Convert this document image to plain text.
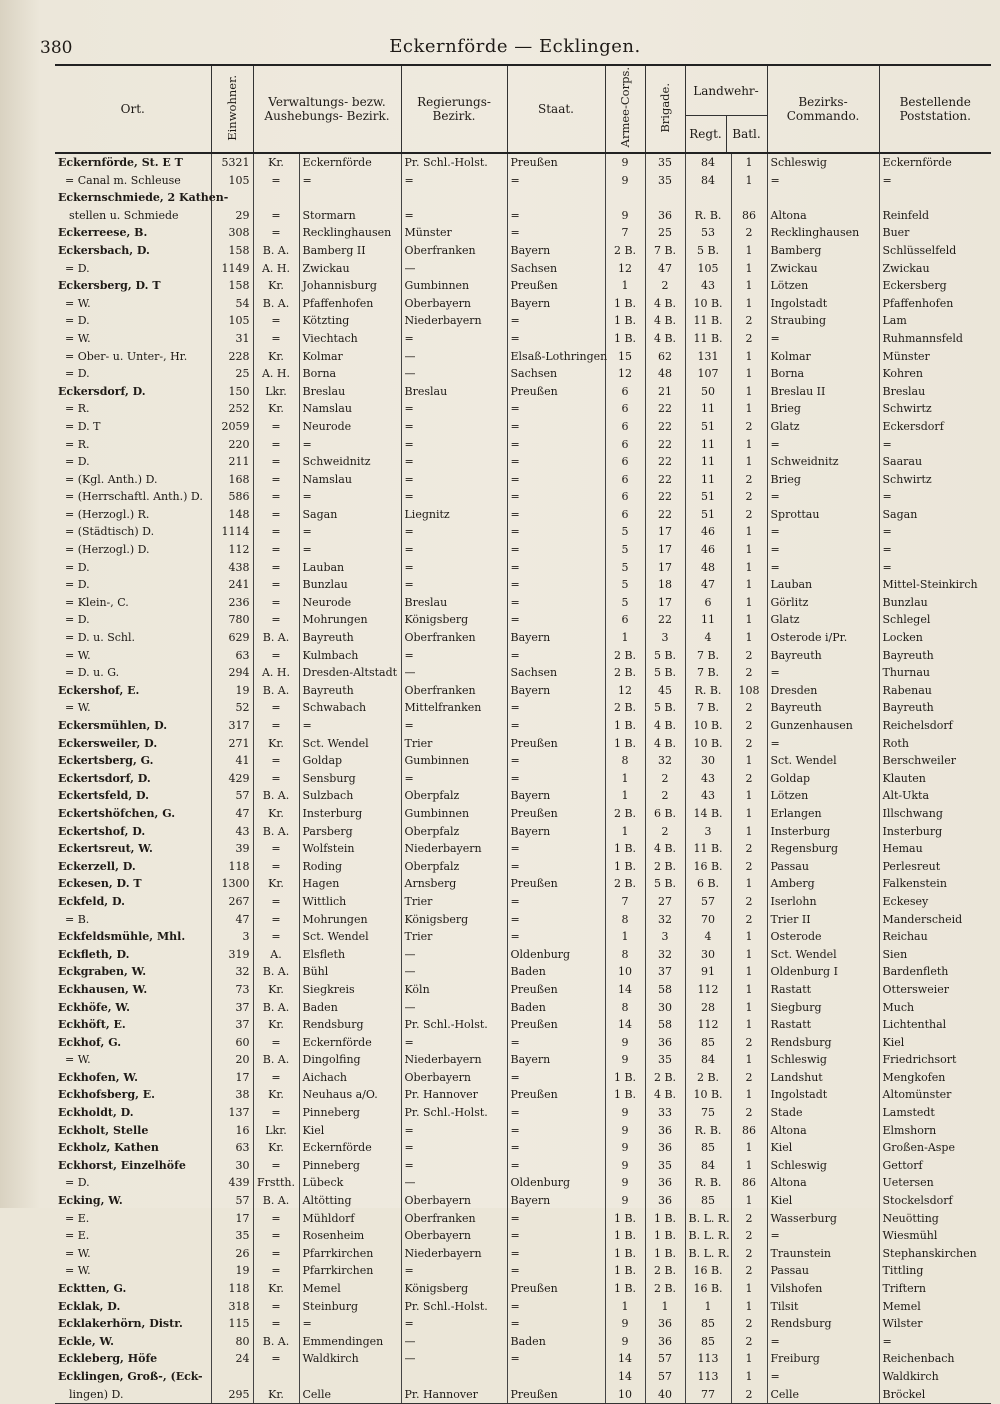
380	Eckernförde — Ecklingen.
Ort.	Einwohner.	Verwaltungs- bezw. Aushebungs- Bezirk.		Regierungs- Bezirk.	Staat.	Armee-Corps.	Brigade.	Landwehr-
Regt. Batl.		Bezirks- Commando.	Bestellende Poststation.
Eckernförde, St. E T	5321	Kr.	Eckernförde	Pr. Schl.-Holst.	Preußen	9	35	84	1	Schleswig	Eckernförde
= Canal m. Schleuse	105	=	=	=	=	9	35	84	1	=	=
Eckernschmiede, 2 Kathen-											
stellen u. Schmiede	29	=	Stormarn	=	=	9	36	R. B.	86	Altona	Reinfeld
Eckerreese, B.	308	=	Recklinghausen	Münster	=	7	25	53	2	Recklinghausen	Buer
Eckersbach, D.	158	B. A.	Bamberg II	Oberfranken	Bayern	2 B.	7 B.	5 B.	1	Bamberg	Schlüsselfeld
= D.	1149	A. H.	Zwickau	—	Sachsen	12	47	105	1	Zwickau	Zwickau
Eckersberg, D. T	158	Kr.	Johannisburg	Gumbinnen	Preußen	1	2	43	1	Lötzen	Eckersberg
= W.	54	B. A.	Pfaffenhofen	Oberbayern	Bayern	1 B.	4 B.	10 B.	1	Ingolstadt	Pfaffenhofen
= D.	105	=	Kötzting	Niederbayern	=	1 B.	4 B.	11 B.	2	Straubing	Lam
= W.	31	=	Viechtach	=	=	1 B.	4 B.	11 B.	2	=	Ruhmannsfeld
= Ober- u. Unter-, Hr.	228	Kr.	Kolmar	—	Elsaß-Lothringen	15	62	131	1	Kolmar	Münster
= D.	25	A. H.	Borna	—	Sachsen	12	48	107	1	Borna	Kohren
Eckersdorf, D.	150	Lkr.	Breslau	Breslau	Preußen	6	21	50	1	Breslau II	Breslau
= R.	252	Kr.	Namslau	=	=	6	22	11	1	Brieg	Schwirtz
= D. T	2059	=	Neurode	=	=	6	22	51	2	Glatz	Eckersdorf
= R.	220	=	=	=	=	6	22	11	1	=	=
= D.	211	=	Schweidnitz	=	=	6	22	11	1	Schweidnitz	Saarau
= (Kgl. Anth.) D.	168	=	Namslau	=	=	6	22	11	2	Brieg	Schwirtz
= (Herrschaftl. Anth.) D.	586	=	=	=	=	6	22	51	2	=	=
= (Herzogl.) R.	148	=	Sagan	Liegnitz	=	6	22	51	2	Sprottau	Sagan
= (Städtisch) D.	1114	=	=	=	=	5	17	46	1	=	=
= (Herzogl.) D.	112	=	=	=	=	5	17	46	1	=	=
= D.	438	=	Lauban	=	=	5	17	48	1	=	=
= D.	241	=	Bunzlau	=	=	5	18	47	1	Lauban	Mittel-Steinkirch
= Klein-, C.	236	=	Neurode	Breslau	=	5	17	6	1	Görlitz	Bunzlau
= D.	780	=	Mohrungen	Königsberg	=	6	22	11	1	Glatz	Schlegel
= D. u. Schl.	629	B. A.	Bayreuth	Oberfranken	Bayern	1	3	4	1	Osterode i/Pr.	Locken
= W.	63	=	Kulmbach	=	=	2 B.	5 B.	7 B.	2	Bayreuth	Bayreuth
= D. u. G.	294	A. H.	Dresden-Altstadt	—	Sachsen	2 B.	5 B.	7 B.	2	=	Thurnau
Eckershof, E.	19	B. A.	Bayreuth	Oberfranken	Bayern	12	45	R. B.	108	Dresden	Rabenau
= W.	52	=	Schwabach	Mittelfranken	=	2 B.	5 B.	7 B.	2	Bayreuth	Bayreuth
Eckersmühlen, D.	317	=	=	=	=	1 B.	4 B.	10 B.	2	Gunzenhausen	Reichelsdorf
Eckersweiler, D.	271	Kr.	Sct. Wendel	Trier	Preußen	1 B.	4 B.	10 B.	2	=	Roth
Eckertsberg, G.	41	=	Goldap	Gumbinnen	=	8	32	30	1	Sct. Wendel	Berschweiler
Eckertsdorf, D.	429	=	Sensburg	=	=	1	2	43	2	Goldap	Klauten
Eckertsfeld, D.	57	B. A.	Sulzbach	Oberpfalz	Bayern	1	2	43	1	Lötzen	Alt-Ukta
Eckertshöfchen, G.	47	Kr.	Insterburg	Gumbinnen	Preußen	2 B.	6 B.	14 B.	1	Erlangen	Illschwang
Eckertshof, D.	43	B. A.	Parsberg	Oberpfalz	Bayern	1	2	3	1	Insterburg	Insterburg
Eckertsreut, W.	39	=	Wolfstein	Niederbayern	=	1 B.	4 B.	11 B.	2	Regensburg	Hemau
Eckerzell, D.	118	=	Roding	Oberpfalz	=	1 B.	2 B.	16 B.	2	Passau	Perlesreut
Eckesen, D. T	1300	Kr.	Hagen	Arnsberg	Preußen	2 B.	5 B.	6 B.	1	Amberg	Falkenstein
Eckfeld, D.	267	=	Wittlich	Trier	=	7	27	57	2	Iserlohn	Eckesey
= B.	47	=	Mohrungen	Königsberg	=	8	32	70	2	Trier II	Manderscheid
Eckfeldsmühle, Mhl.	3	=	Sct. Wendel	Trier	=	1	3	4	1	Osterode	Reichau
Eckfleth, D.	319	A.	Elsfleth	—	Oldenburg	8	32	30	1	Sct. Wendel	Sien
Eckgraben, W.	32	B. A.	Bühl	—	Baden	10	37	91	1	Oldenburg I	Bardenfleth
Eckhausen, W.	73	Kr.	Siegkreis	Köln	Preußen	14	58	112	1	Rastatt	Ottersweier
Eckhöfe, W.	37	B. A.	Baden	—	Baden	8	30	28	1	Siegburg	Much
Eckhöft, E.	37	Kr.	Rendsburg	Pr. Schl.-Holst.	Preußen	14	58	112	1	Rastatt	Lichtenthal
Eckhof, G.	60	=	Eckernförde	=	=	9	36	85	2	Rendsburg	Kiel
= W.	20	B. A.	Dingolfing	Niederbayern	Bayern	9	35	84	1	Schleswig	Friedrichsort
Eckhofen, W.	17	=	Aichach	Oberbayern	=	1 B.	2 B.	2 B.	2	Landshut	Mengkofen
Eckhofsberg, E.	38	Kr.	Neuhaus a/O.	Pr. Hannover	Preußen	1 B.	4 B.	10 B.	1	Ingolstadt	Altomünster
Eckholdt, D.	137	=	Pinneberg	Pr. Schl.-Holst.	=	9	33	75	2	Stade	Lamstedt
Eckholt, Stelle	16	Lkr.	Kiel	=	=	9	36	R. B.	86	Altona	Elmshorn
Eckholz, Kathen	63	Kr.	Eckernförde	=	=	9	36	85	1	Kiel	Großen-Aspe
Eckhorst, Einzelhöfe	30	=	Pinneberg	=	=	9	35	84	1	Schleswig	Gettorf
= D.	439	Frstth.	Lübeck	—	Oldenburg	9	36	R. B.	86	Altona	Uetersen
Ecking, W.	57	B. A.	Altötting	Oberbayern	Bayern	9	36	85	1	Kiel	Stockelsdorf
= E.	17	=	Mühldorf	Oberfranken	=	1 B.	1 B.	B. L. R.	2	Wasserburg	Neuötting
= E.	35	=	Rosenheim	Oberbayern	=	1 B.	1 B.	B. L. R.	2	=	Wiesmühl
= W.	26	=	Pfarrkirchen	Niederbayern	=	1 B.	1 B.	B. L. R.	2	Traunstein	Stephanskirchen
= W.	19	=	Pfarrkirchen	=	=	1 B.	2 B.	16 B.	2	Passau	Tittling
Ecktten, G.	118	Kr.	Memel	Königsberg	Preußen	1 B.	2 B.	16 B.	1	Vilshofen	Triftern
Ecklak, D.	318	=	Steinburg	Pr. Schl.-Holst.	=	1	1	1	1	Tilsit	Memel
Ecklakerhörn, Distr.	115	=	=	=	=	9	36	85	2	Rendsburg	Wilster
Eckle, W.	80	B. A.	Emmendingen	—	Baden	9	36	85	2	=	=
Eckleberg, Höfe	24	=	Waldkirch	—	=	14	57	113	1	Freiburg	Reichenbach
Ecklingen, Groß-, (Eck-						14	57	113	1	=	Waldkirch
lingen) D.	295	Kr.	Celle	Pr. Hannover	Preußen	10	40	77	2	Celle	Bröckel
